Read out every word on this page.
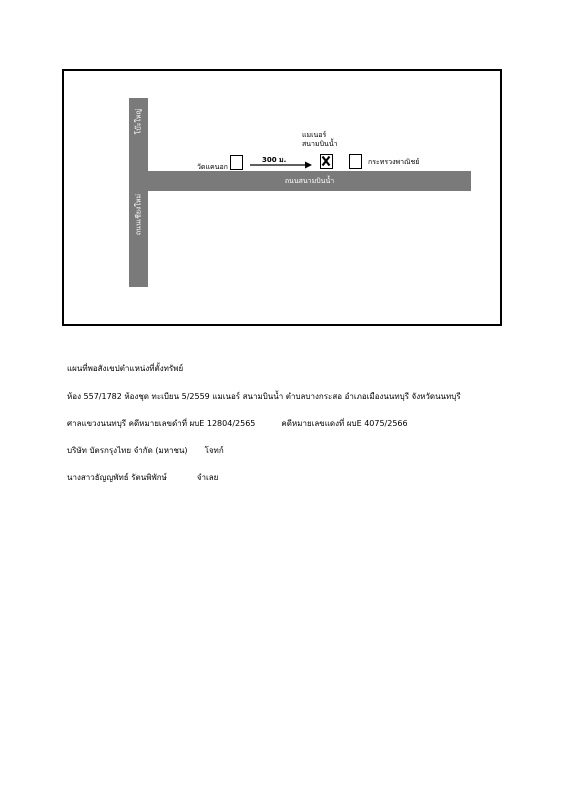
ถนนสนามบินน้ำ
โบ๊ะใหญ่
ถนนเชียงใหม่
วัดแคนอก
300 ม.
แมเนอร์
สนามบินน้ำ
กระทรวงพาณิชย์
แผนที่พอสังเขปตำแหน่งที่ตั้งทรัพย์
ห้อง 557/1782 ห้องชุด ทะเบียน 5/2559 แมเนอร์ สนามบินน้ำ ตำบลบางกระสอ อำเภอเมืองนนทบุรี จังหวัดนนทบุรี
ศาลแขวงนนทบุรี คดีหมายเลขดำที่ ผบE 12804/2565	คดีหมายเลขแดงที่ ผบE 4075/2566
บริษัท บัตรกรุงไทย จำกัด (มหาชน) โจทก์
นางสาวธัญญพัทธ์ รัตนพิพักษ์	จำเลย
